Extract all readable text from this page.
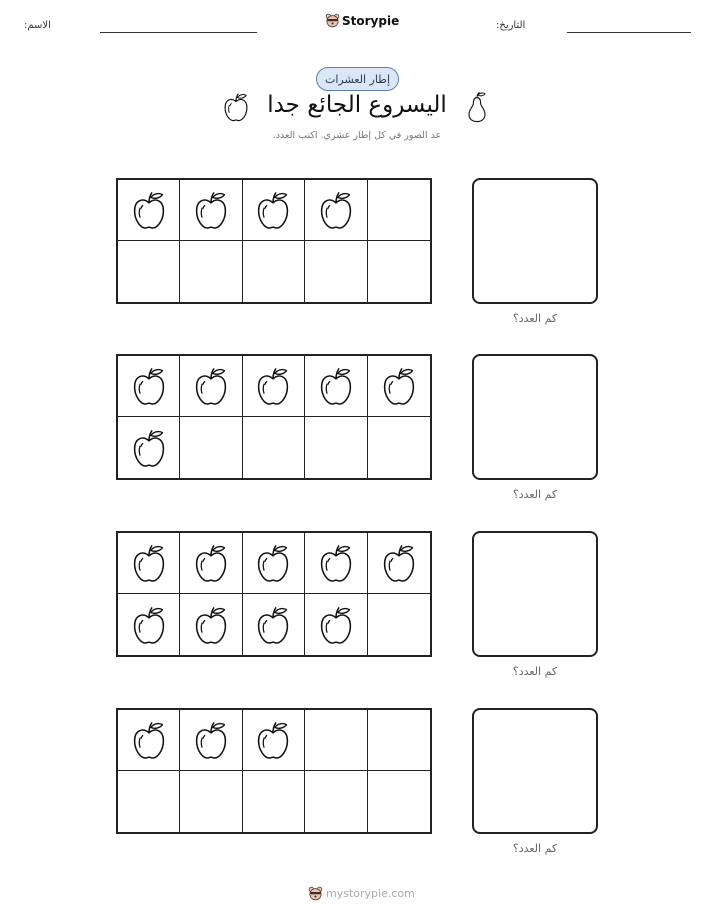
الاسم:	Storypie	التاريخ:
إطار العشرات
اليسروع الجائع جدا
عد الصور في كل إطار عشري. اكتب العدد.
كم العدد؟
كم العدد؟
كم العدد؟
كم العدد؟
mystorypie.com
